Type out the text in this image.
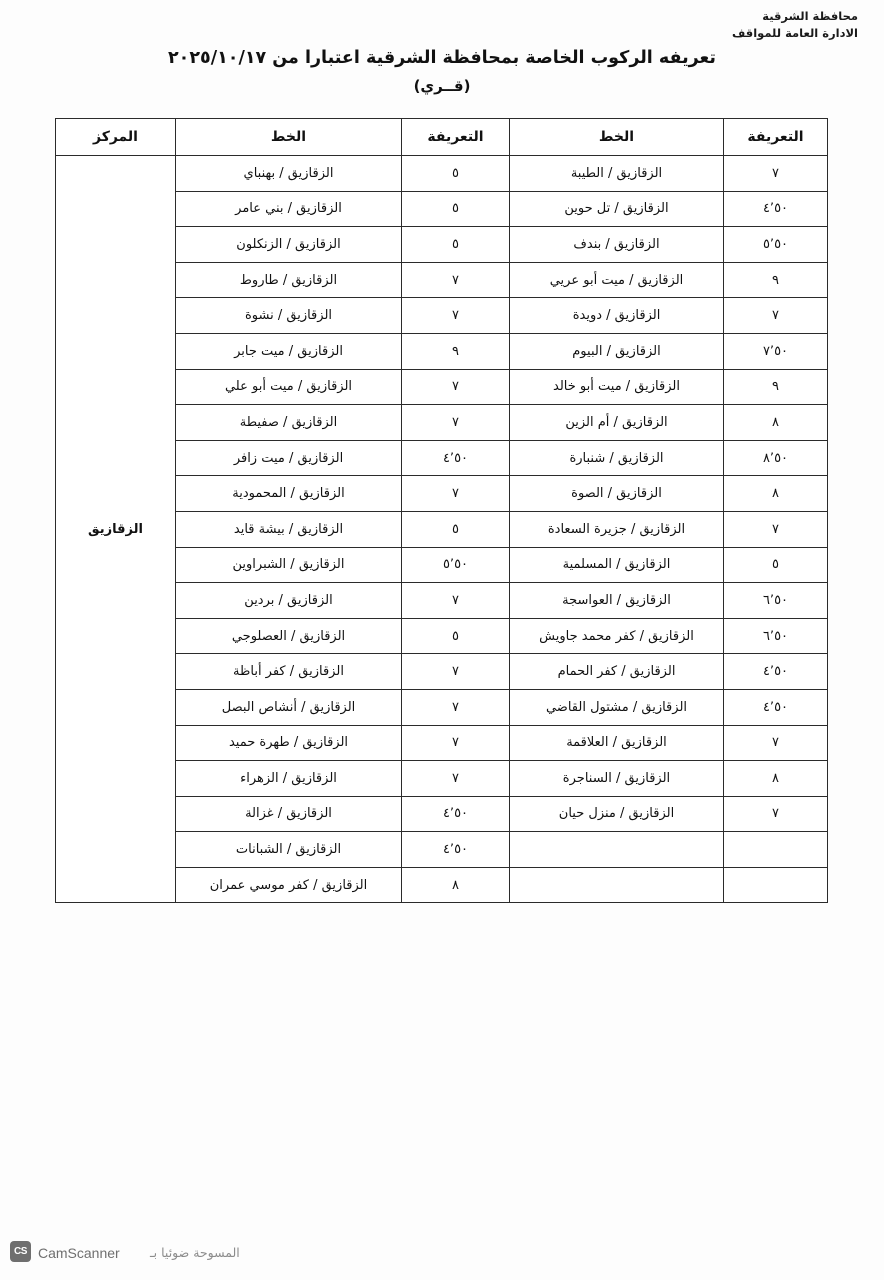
محافظة الشرقية
الادارة العامة للمواقف
تعريفه الركوب الخاصة بمحافظة الشرقية اعتبارا من ٢٠٢٥/١٠/١٧
(قــري)
التعريفة	الخط	التعريفة	الخط	المركز
٧	الزقازيق / الطيبة	٥	الزقازيق / بهنباي	الزقازيق
٤٬٥٠	الزقازيق / تل حوين	٥	الزقازيق / بني عامر	
٥٬٥٠	الزقازيق / بندف	٥	الزقازيق / الزنكلون	
٩	الزقازيق / ميت أبو عريي	٧	الزقازيق / طاروط	
٧	الزقازيق / دويدة	٧	الزقازيق / نشوة	
٧٬٥٠	الزقازيق / البيوم	٩	الزقازيق / ميت جابر	
٩	الزقازيق / ميت أبو خالد	٧	الزقازيق / ميت أبو علي	
٨	الزقازيق / أم الزين	٧	الزقازيق / صفيطة	
٨٬٥٠	الزقازيق / شنبارة	٤٬٥٠	الزقازيق / ميت زافر	
٨	الزقازيق / الصوة	٧	الزقازيق / المحمودية	
٧	الزقازيق / جزيرة السعادة	٥	الزقازيق / بيشة قايد	
٥	الزقازيق / المسلمية	٥٬٥٠	الزقازيق / الشبراوين	
٦٬٥٠	الزقازيق / العواسجة	٧	الزقازيق / بردين	
٦٬٥٠	الزقازيق / كفر محمد جاويش	٥	الزقازيق / العصلوجي	
٤٬٥٠	الزقازيق / كفر الحمام	٧	الزقازيق / كفر أباظة	
٤٬٥٠	الزقازيق / مشتول القاضي	٧	الزقازيق / أنشاص البصل	
٧	الزقازيق / العلاقمة	٧	الزقازيق / طهرة حميد	
٨	الزقازيق / السناجرة	٧	الزقازيق / الزهراء	
٧	الزقازيق / منزل حيان	٤٬٥٠	الزقازيق / غزالة	
		٤٬٥٠	الزقازيق / الشبانات	
		٨	الزقازيق / كفر موسي عمران	
CS CamScanner المسوحة ضوئيا بـ
